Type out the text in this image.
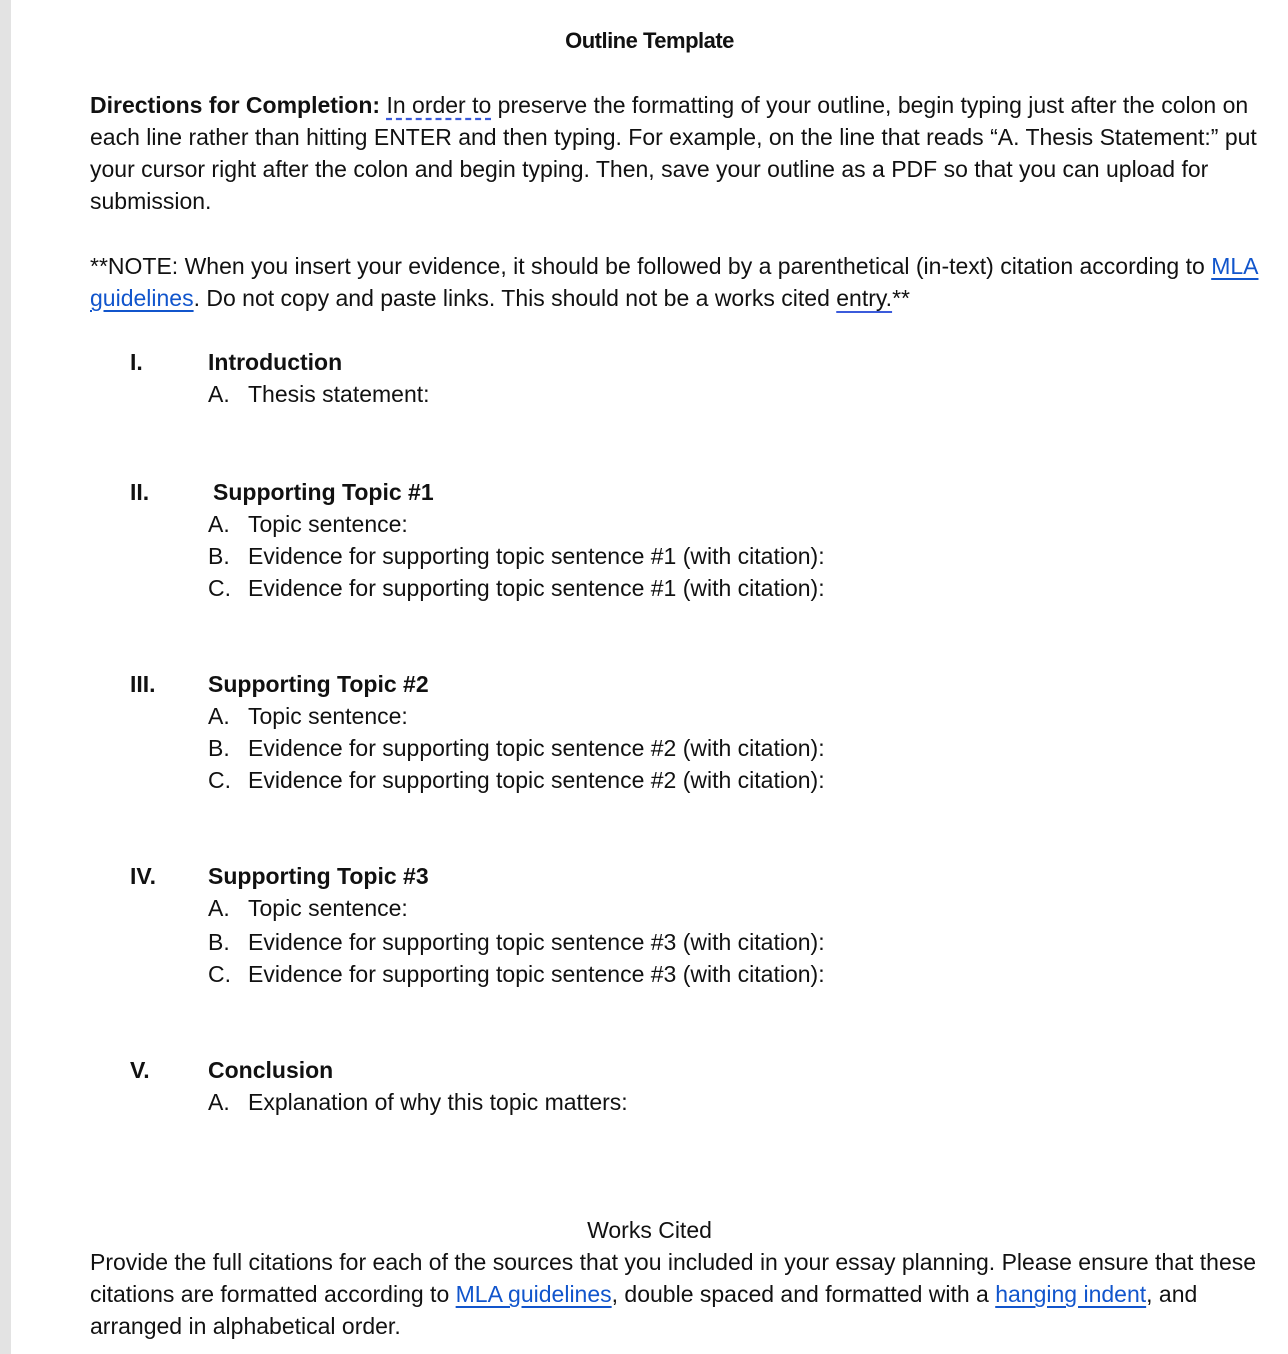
Outline Template
Directions for Completion: In order to preserve the formatting of your outline, begin typing just after the colon on each line rather than hitting ENTER and then typing. For example, on the line that reads “A. Thesis Statement:” put your cursor right after the colon and begin typing. Then, save your outline as a PDF so that you can upload for submission.
**NOTE: When you insert your evidence, it should be followed by a parenthetical (in-text) citation according to MLA guidelines. Do not copy and paste links. This should not be a works cited entry.**
I.	Introduction
A. Thesis statement:
II.	Supporting Topic #1
A. Topic sentence:
B. Evidence for supporting topic sentence #1 (with citation):
C. Evidence for supporting topic sentence #1 (with citation):
III. Supporting Topic #2
A. Topic sentence:
B. Evidence for supporting topic sentence #2 (with citation):
C. Evidence for supporting topic sentence #2 (with citation):
IV. Supporting Topic #3
A. Topic sentence:
B. Evidence for supporting topic sentence #3 (with citation):
C. Evidence for supporting topic sentence #3 (with citation):
V.	Conclusion
A. Explanation of why this topic matters:
Works Cited
Provide the full citations for each of the sources that you included in your essay planning. Please ensure that these citations are formatted according to MLA guidelines, double spaced and formatted with a hanging indent, and arranged in alphabetical order.
